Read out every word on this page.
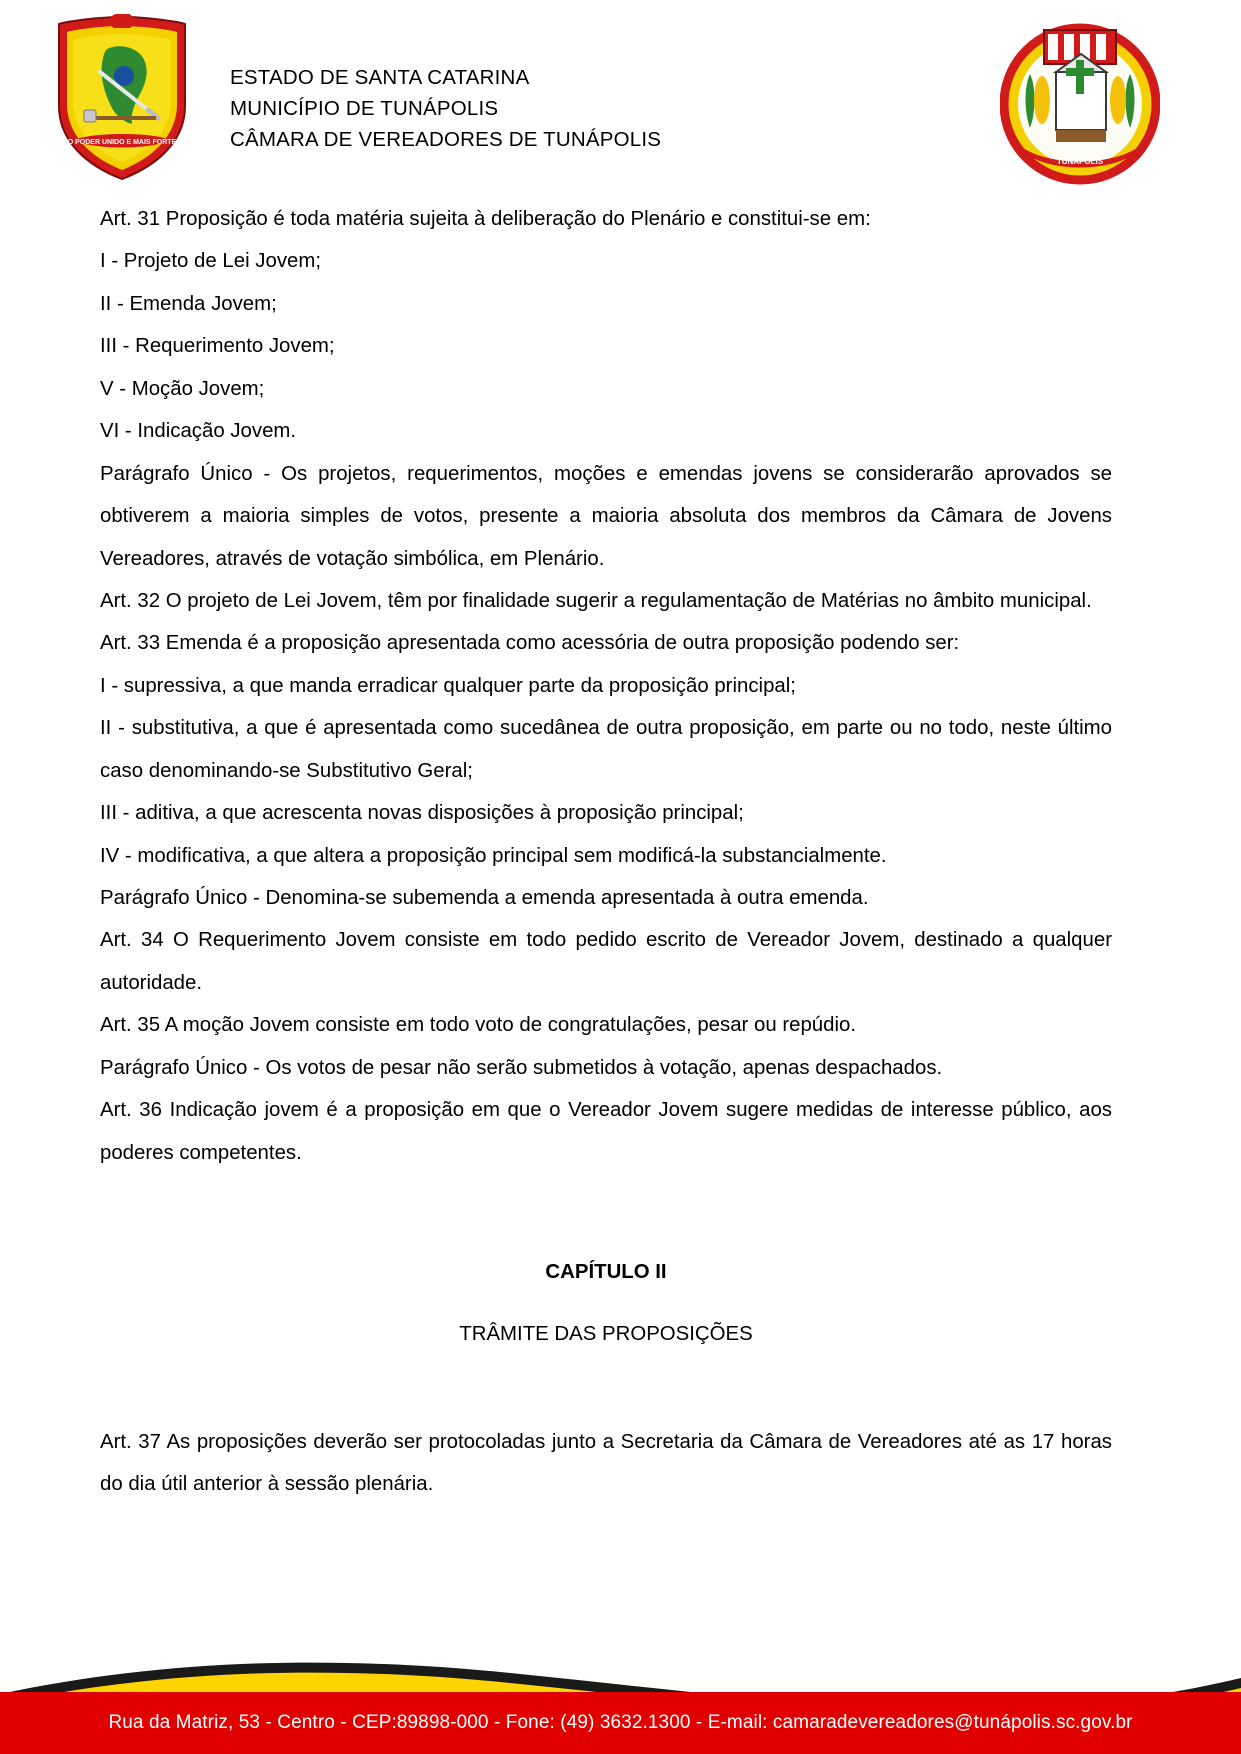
O PODER UNIDO E MAIS FORTE
ESTADO DE SANTA CATARINA
MUNICÍPIO DE TUNÁPOLIS
CÂMARA DE VEREADORES DE TUNÁPOLIS
TUNÁPOLIS

Art. 31 Proposição é toda matéria sujeita à deliberação do Plenário e constitui-se em:

I - Projeto de Lei Jovem;

II - Emenda Jovem;

III - Requerimento Jovem;

V - Moção Jovem;

VI - Indicação Jovem.

Parágrafo Único - Os projetos, requerimentos, moções e emendas jovens se considerarão aprovados se obtiverem a maioria simples de votos, presente a maioria absoluta dos membros da Câmara de Jovens Vereadores, através de votação simbólica, em Plenário.

Art. 32 O projeto de Lei Jovem, têm por finalidade sugerir a regulamentação de Matérias no âmbito municipal.

Art. 33 Emenda é a proposição apresentada como acessória de outra proposição podendo ser:

I - supressiva, a que manda erradicar qualquer parte da proposição principal;

II - substitutiva, a que é apresentada como sucedânea de outra proposição, em parte ou no todo, neste último caso denominando-se Substitutivo Geral;

III - aditiva, a que acrescenta novas disposições à proposição principal;

IV - modificativa, a que altera a proposição principal sem modificá-la substancialmente.

Parágrafo Único - Denomina-se subemenda a emenda apresentada à outra emenda.

Art. 34 O Requerimento Jovem consiste em todo pedido escrito de Vereador Jovem, destinado a qualquer autoridade.

Art. 35 A moção Jovem consiste em todo voto de congratulações, pesar ou repúdio.

Parágrafo Único - Os votos de pesar não serão submetidos à votação, apenas despachados.

Art. 36 Indicação jovem é a proposição em que o Vereador Jovem sugere medidas de interesse público, aos poderes competentes.

CAPÍTULO II

TRÂMITE DAS PROPOSIÇÕES

Art. 37 As proposições deverão ser protocoladas junto a Secretaria da Câmara de Vereadores até as 17 horas do dia útil anterior à sessão plenária.

Rua da Matriz, 53 - Centro - CEP:89898-000 - Fone: (49) 3632.1300 - E-mail: camaradevereadores@tunápolis.sc.gov.br
